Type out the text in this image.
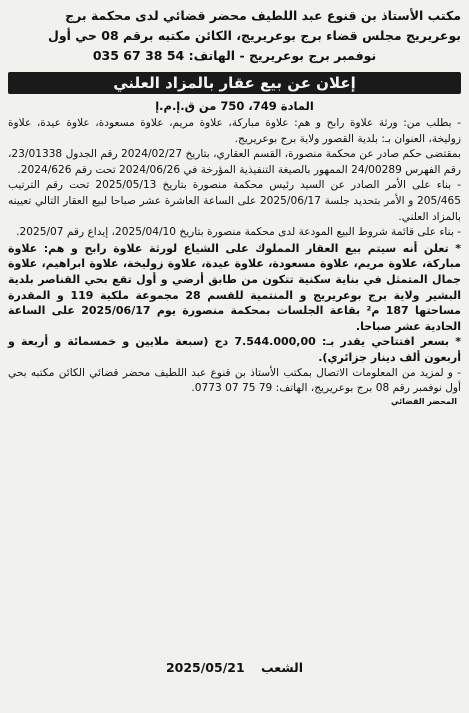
مكتب الأستاذ بن قنوع عبد اللطيف محضر قضائي لدى محكمة برج
بوعريريج مجلس قضاء برج بوعريريج، الكائن مكتبه برقم 08 حي أول
نوفمبر برج بوعريريج - الهاتف: 54 38 67 035
إعلان عن بيع عقار بالمزاد العلني
المادة 749، 750 من ق.إ.م.إ

- بطلب من: ورثة علاوة رابح و هم: علاوة مباركة، علاوة مريم، علاوة مسعودة، علاوة عيدة، علاوة زوليخة، العنوان بـ: بلدية القصور ولاية برج بوعريريج.

بمقتضى حكم صادر عن محكمة منصورة، القسم العقاري، بتاريخ 2024/02/27 رقم الجدول 23/01338، رقم الفهرس 24/00289 الممهور بالصيغة التنفيذية المؤرخة في 2024/06/26 تحت رقم 2024/626.

- بناء على الأمر الصادر عن السيد رئيس محكمة منصورة بتاريخ 2025/05/13 تحت رقم الترتيب 205/465 و الأمر بتحديد جلسة 2025/06/17 على الساعة العاشرة عشر صباحا لبيع العقار التالي تعيينه بالمزاد العلني.

- بناء على قائمة شروط البيع المودعة لدى محكمة منصورة بتاريخ 2025/04/10، إيداع رقم 2025/07.

* تعلن أنه سيتم بيع العقار المملوك على الشياع لورثة علاوة رابح و هم: علاوة مباركة، علاوة مريم، علاوة مسعودة، علاوة عيدة، علاوة زوليخة، علاوة ابراهيم، علاوة جمال المتمثل في بناية سكنية تتكون من طابق أرضي و أول تقع بحي القناصر بلدية البشير ولاية برج بوعريريج و المنتمية للقسم 28 مجموعة ملكية 119 و المقدرة مساحتها 187 م² بقاعة الجلسات بمحكمة منصورة يوم 2025/06/17 على الساعة الحادية عشر صباحا.

* بسعر افتتاحي يقدر بـ: 7.544.000,00 دج (سبعة ملايين و خمسمائة و أربعة و أربعون ألف دينار جزائري).

- و لمزيد من المعلومات الاتصال بمكتب الأستاذ بن قنوع عبد اللطيف محضر قضائي الكائن مكتبه بحي أول نوفمبر رقم 08 برج بوعريريج، الهاتف: 79 75 07 0773.

المحضر القضائي
2025/05/21 الشعب
